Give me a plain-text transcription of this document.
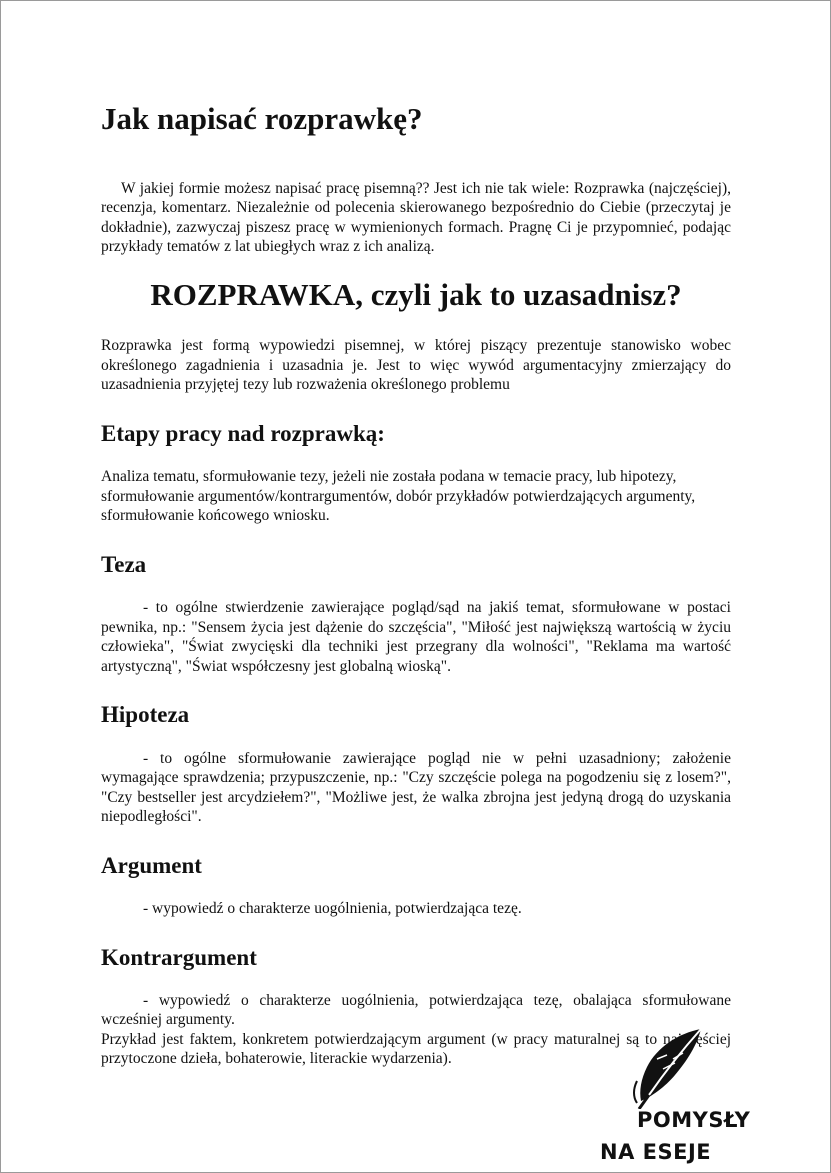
Jak napisać rozprawkę?

W jakiej formie możesz napisać pracę pisemną?? Jest ich nie tak wiele: Rozprawka (najczęściej), recenzja, komentarz. Niezależnie od polecenia skierowanego bezpośrednio do Ciebie (przeczytaj je dokładnie), zazwyczaj piszesz pracę w wymienionych formach. Pragnę Ci je przypomnieć, podając przykłady tematów z lat ubiegłych wraz z ich analizą.

ROZPRAWKA, czyli jak to uzasadnisz?

Rozprawka jest formą wypowiedzi pisemnej, w której piszący prezentuje stanowisko wobec określonego zagadnienia i uzasadnia je. Jest to więc wywód argumentacyjny zmierzający do uzasadnienia przyjętej tezy lub rozważenia określonego problemu

Etapy pracy nad rozprawką:

Analiza tematu, sformułowanie tezy, jeżeli nie została podana w temacie pracy, lub hipotezy, sformułowanie argumentów/kontrargumentów, dobór przykładów potwierdzających argumenty, sformułowanie końcowego wniosku.

Teza

- to ogólne stwierdzenie zawierające pogląd/sąd na jakiś temat, sformułowane w postaci pewnika, np.: "Sensem życia jest dążenie do szczęścia", "Miłość jest największą wartością w życiu człowieka", "Świat zwycięski dla techniki jest przegrany dla wolności", "Reklama ma wartość artystyczną", "Świat współczesny jest globalną wioską".

Hipoteza

- to ogólne sformułowanie zawierające pogląd nie w pełni uzasadniony; założenie wymagające sprawdzenia; przypuszczenie, np.: "Czy szczęście polega na pogodzeniu się z losem?", "Czy bestseller jest arcydziełem?", "Możliwe jest, że walka zbrojna jest jedyną drogą do uzyskania niepodległości".

Argument

- wypowiedź o charakterze uogólnienia, potwierdzająca tezę.

Kontrargument

- wypowiedź o charakterze uogólnienia, potwierdzająca tezę, obalająca sformułowane wcześniej argumenty.

Przykład jest faktem, konkretem potwierdzającym argument (w pracy maturalnej są to najczęściej przytoczone dzieła, bohaterowie, literackie wydarzenia).

POMYSŁY
NA ESEJE
